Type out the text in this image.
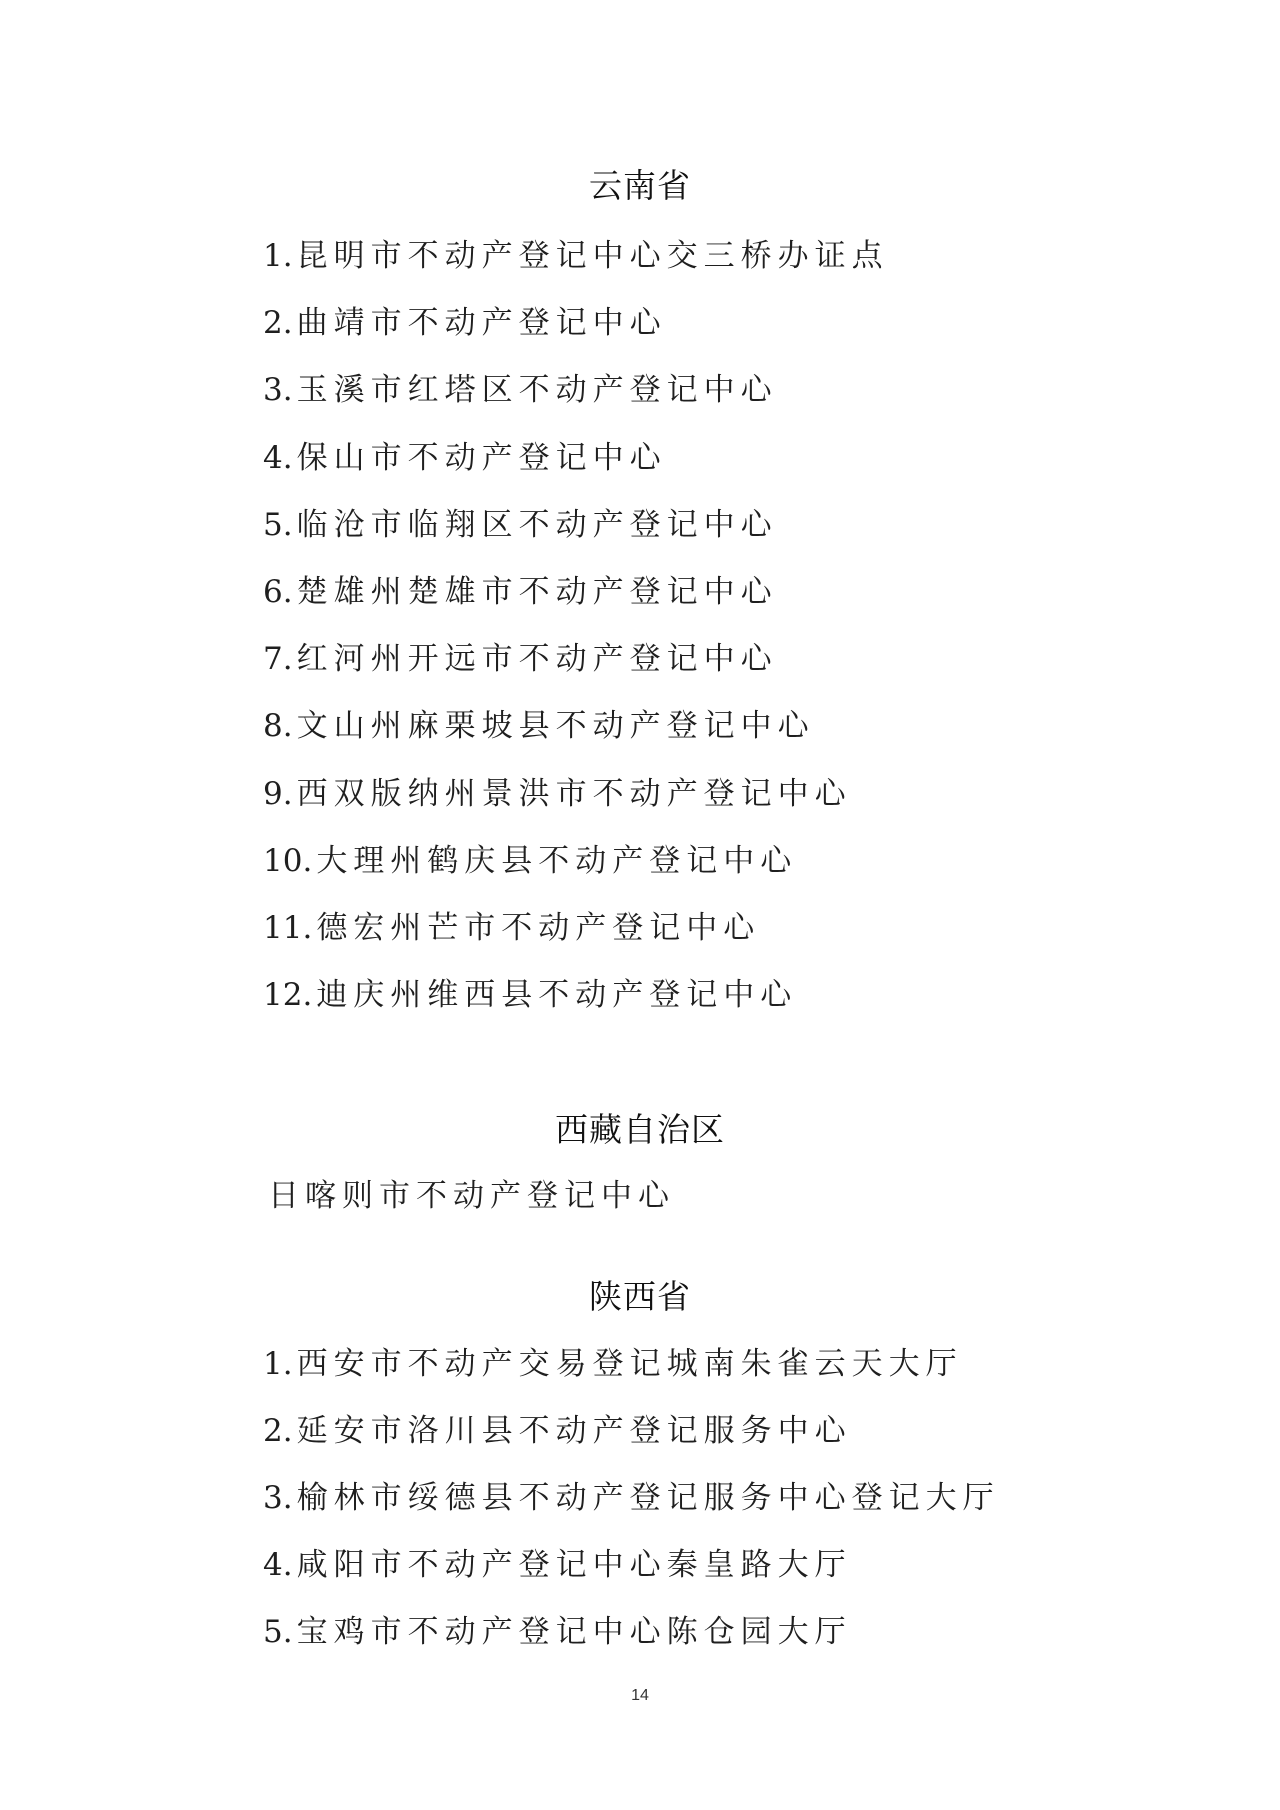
云南省
1. 昆明市不动产登记中心交三桥办证点
2. 曲靖市不动产登记中心
3. 玉溪市红塔区不动产登记中心
4. 保山市不动产登记中心
5. 临沧市临翔区不动产登记中心
6. 楚雄州楚雄市不动产登记中心
7. 红河州开远市不动产登记中心
8. 文山州麻栗坡县不动产登记中心
9. 西双版纳州景洪市不动产登记中心
10. 大理州鹤庆县不动产登记中心
11. 德宏州芒市不动产登记中心
12. 迪庆州维西县不动产登记中心
西藏自治区
日喀则市不动产登记中心
陕西省
1. 西安市不动产交易登记城南朱雀云天大厅
2. 延安市洛川县不动产登记服务中心
3. 榆林市绥德县不动产登记服务中心登记大厅
4. 咸阳市不动产登记中心秦皇路大厅
5. 宝鸡市不动产登记中心陈仓园大厅
14
